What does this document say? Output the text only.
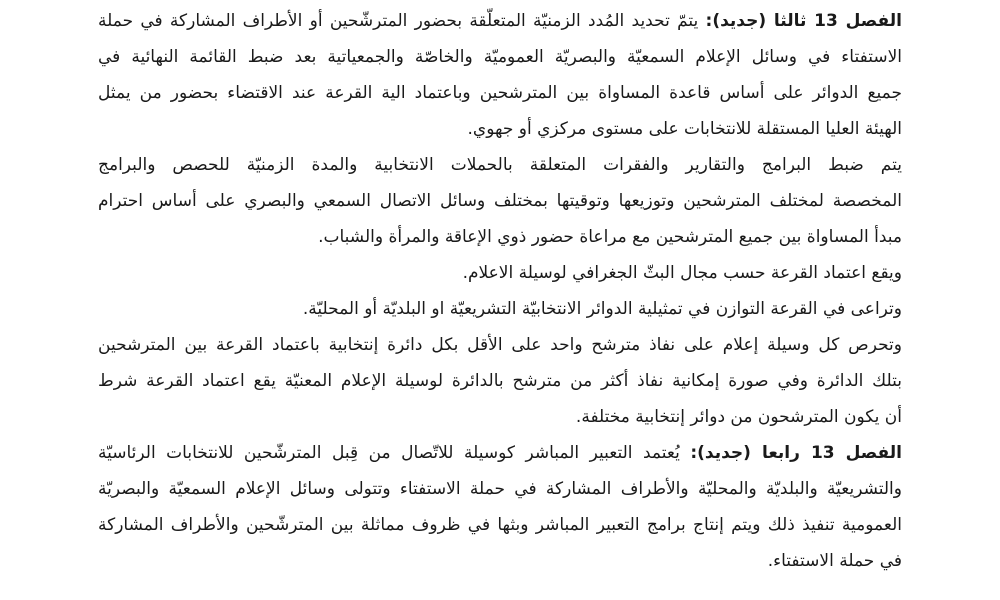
الفصل 13 ثالثا (جديد): يتمّ تحديد المُدد الزمنيّة المتعلّقة بحضور المترشّحين أو الأطراف المشاركة في حملة
الاستفتاء في وسائل الإعلام السمعيّة والبصريّة العموميّة والخاصّة والجمعياتية بعد ضبط القائمة النهائية في
جميع الدوائر على أساس قاعدة المساواة بين المترشحين وباعتماد الية القرعة عند الاقتضاء بحضور من يمثل
الهيئة العليا المستقلة للانتخابات على مستوى مركزي أو جهوي.
يتم ضبط البرامج والتقارير والفقرات المتعلقة بالحملات الانتخابية والمدة الزمنيّة للحصص والبرامج
المخصصة لمختلف المترشحين وتوزيعها وتوقيتها بمختلف وسائل الاتصال السمعي والبصري على أساس احترام
مبدأ المساواة بين جميع المترشحين مع مراعاة حضور ذوي الإعاقة والمرأة والشباب.
ويقع اعتماد القرعة حسب مجال البثّ الجغرافي لوسيلة الاعلام.
وتراعى في القرعة التوازن في تمثيلية الدوائر الانتخابيّة التشريعيّة او البلديّة أو المحليّة.
وتحرص كل وسيلة إعلام على نفاذ مترشح واحد على الأقل بكل دائرة إنتخابية باعتماد القرعة بين المترشحين
بتلك الدائرة وفي صورة إمكانية نفاذ أكثر من مترشح بالدائرة لوسيلة الإعلام المعنيّة يقع اعتماد القرعة شرط
أن يكون المترشحون من دوائر إنتخابية مختلفة.
الفصل 13 رابعا (جديد): يُعتمد التعبير المباشر كوسيلة للاتّصال من قِبل المترشّحين للانتخابات الرئاسيّة
والتشريعيّة والبلديّة والمحليّة والأطراف المشاركة في حملة الاستفتاء وتتولى وسائل الإعلام السمعيّة والبصريّة
العمومية تنفيذ ذلك ويتم إنتاج برامج التعبير المباشر وبثها في ظروف مماثلة بين المترشّحين والأطراف المشاركة
في حملة الاستفتاء.
